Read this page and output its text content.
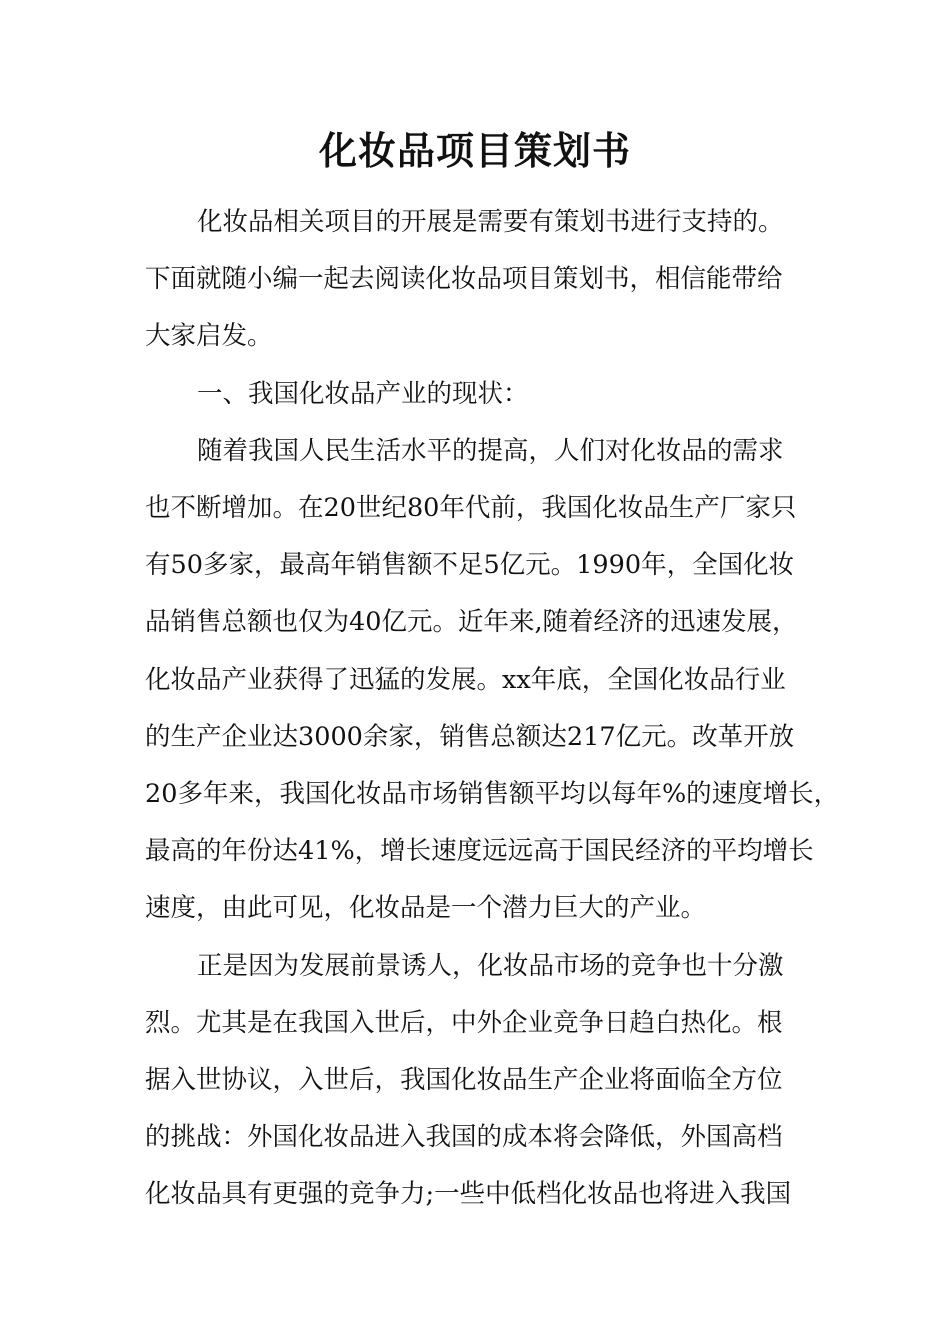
化妆品项目策划书

化妆品相关项目的开展是需要有策划书进行支持的。

下面就随小编一起去阅读化妆品项目策划书，相信能带给

大家启发。

一、我国化妆品产业的现状：

随着我国人民生活水平的提高，人们对化妆品的需求

也不断增加。在20世纪80年代前，我国化妆品生产厂家只

有50多家，最高年销售额不足5亿元。1990年，全国化妆

品销售总额也仅为40亿元。近年来,随着经济的迅速发展，

化妆品产业获得了迅猛的发展。xx年底，全国化妆品行业

的生产企业达3000余家，销售总额达217亿元。改革开放

20多年来，我国化妆品市场销售额平均以每年%的速度增长，

最高的年份达41%，增长速度远远高于国民经济的平均增长

速度，由此可见，化妆品是一个潜力巨大的产业。

正是因为发展前景诱人，化妆品市场的竞争也十分激

烈。尤其是在我国入世后，中外企业竞争日趋白热化。根

据入世协议，入世后，我国化妆品生产企业将面临全方位

的挑战：外国化妆品进入我国的成本将会降低，外国高档

化妆品具有更强的竞争力;一些中低档化妆品也将进入我国
